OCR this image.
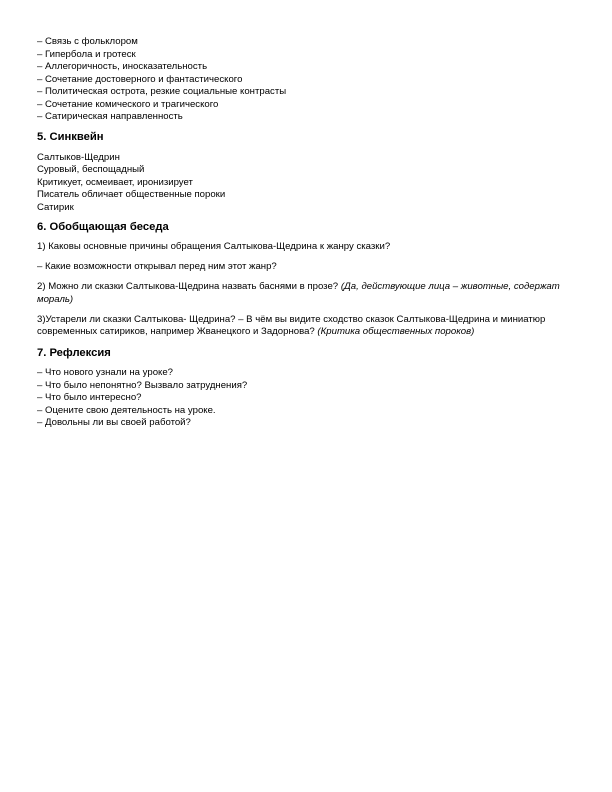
– Связь с фольклором
– Гипербола и гротеск
– Аллегоричность, иносказательность
– Сочетание достоверного и фантастического
– Политическая острота, резкие социальные контрасты
– Сочетание комического и трагического
– Сатирическая направленность
5. Синквейн
Салтыков-Щедрин
Суровый, беспощадный
Критикует, осмеивает, иронизирует
Писатель обличает общественные пороки
Сатирик
6. Обобщающая беседа

1) Каковы основные причины обращения Салтыкова-Щедрина к жанру сказки?

– Какие возможности открывал перед ним этот жанр?

2) Можно ли сказки Салтыкова-Щедрина назвать баснями в прозе? (Да, действующие лица – животные, содержат мораль)

3)Устарели ли сказки Салтыкова- Щедрина? – В чём вы видите сходство сказок Салтыкова-Щедрина и миниатюр современных сатириков, например Жванецкого и Задорнова? (Критика общественных пороков)

7. Рефлексия
– Что нового узнали на уроке?
– Что было непонятно? Вызвало затруднения?
– Что было интересно?
– Оцените свою деятельность на уроке.
– Довольны ли вы своей работой?
